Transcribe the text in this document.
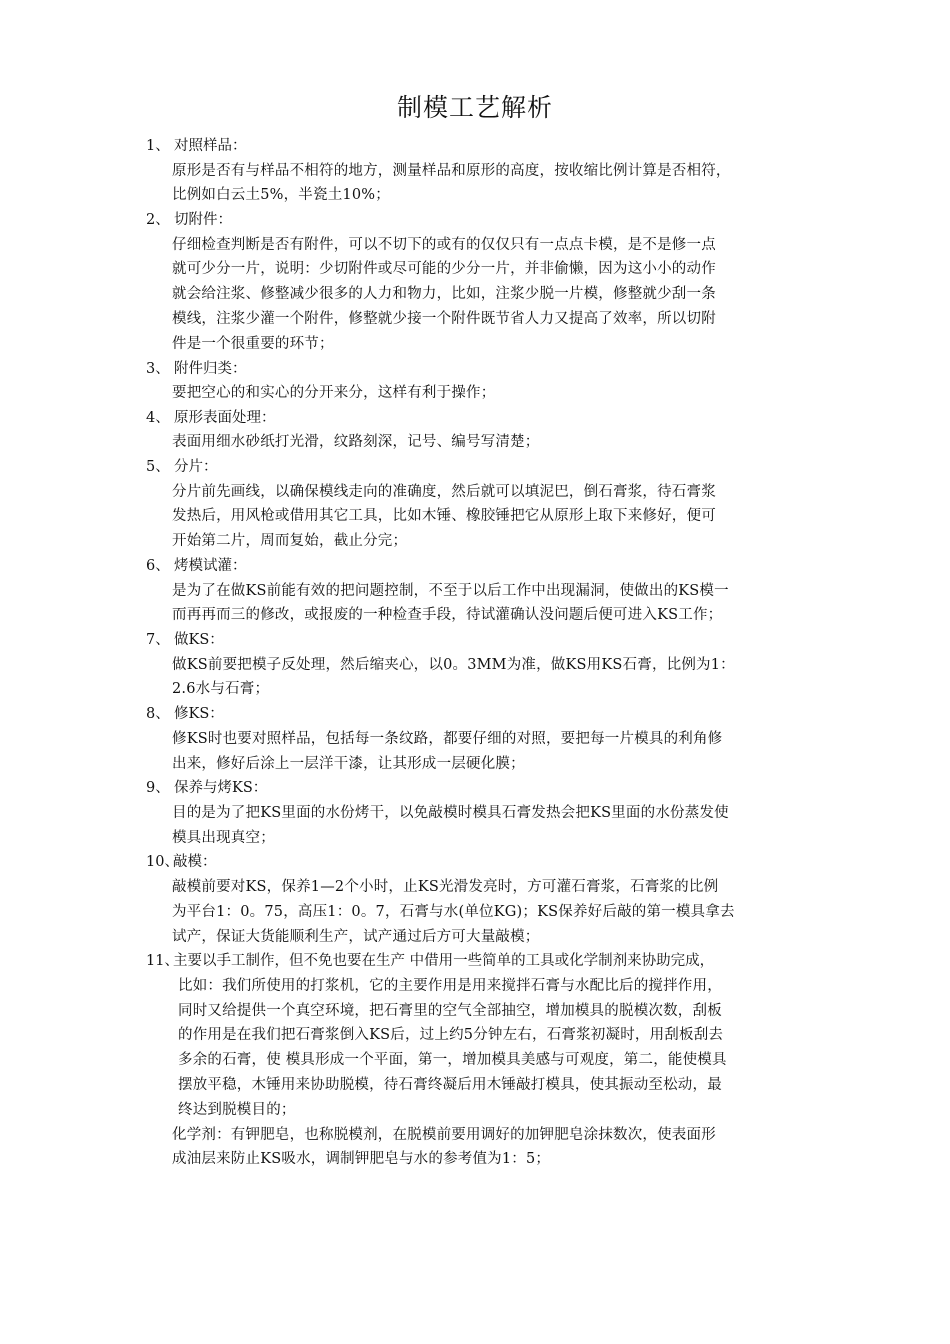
制模工艺解析
1、 对照样品：
原形是否有与样品不相符的地方，测量样品和原形的高度，按收缩比例计算是否相符，
比例如白云土5%，半瓷土10%；
2、 切附件：
仔细检查判断是否有附件，可以不切下的或有的仅仅只有一点点卡模，是不是修一点
就可少分一片，说明：少切附件或尽可能的少分一片，并非偷懒，因为这小小的动作
就会给注浆、修整减少很多的人力和物力，比如，注浆少脱一片模，修整就少刮一条
模线，注浆少灌一个附件，修整就少接一个附件既节省人力又提高了效率，所以切附
件是一个很重要的环节；
3、 附件归类：
要把空心的和实心的分开来分，这样有利于操作；
4、 原形表面处理：
表面用细水砂纸打光滑，纹路刻深，记号、编号写清楚；
5、 分片：
分片前先画线，以确保模线走向的准确度，然后就可以填泥巴，倒石膏浆，待石膏浆
发热后，用风枪或借用其它工具，比如木锤、橡胶锤把它从原形上取下来修好，便可
开始第二片，周而复始，截止分完；
6、 烤模试灌：
是为了在做KS前能有效的把问题控制，不至于以后工作中出现漏洞，使做出的KS模一
而再再而三的修改，或报废的一种检查手段，待试灌确认没问题后便可进入KS工作；
7、 做KS：
做KS前要把模子反处理，然后缩夹心，以0。3MM为准，做KS用KS石膏，比例为1：
2.6水与石膏；
8、 修KS：
修KS时也要对照样品，包括每一条纹路，都要仔细的对照，要把每一片模具的利角修
出来，修好后涂上一层洋干漆，让其形成一层硬化膜；
9、 保养与烤KS：
目的是为了把KS里面的水份烤干，以免敲模时模具石膏发热会把KS里面的水份蒸发使
模具出现真空；
10、
敲模：
敲模前要对KS，保养1—2个小时，止KS光滑发亮时，方可灌石膏浆，石膏浆的比例
为平台1：0。75，高压1：0。7，石膏与水(单位KG)；KS保养好后敲的第一模具拿去
试产，保证大货能顺利生产，试产通过后方可大量敲模；
11、
主要以手工制作，但不免也要在生产 中借用一些简单的工具或化学制剂来协助完成，
比如：我们所使用的打浆机，它的主要作用是用来搅拌石膏与水配比后的搅拌作用，
同时又给提供一个真空环境，把石膏里的空气全部抽空，增加模具的脱模次数，刮板
的作用是在我们把石膏浆倒入KS后，过上约5分钟左右，石膏浆初凝时，用刮板刮去
多余的石膏，使 模具形成一个平面，第一，增加模具美感与可观度，第二，能使模具
摆放平稳，木锤用来协助脱模，待石膏终凝后用木锤敲打模具，使其振动至松动，最
终达到脱模目的；
化学剂：有钾肥皂，也称脱模剂，在脱模前要用调好的加钾肥皂涂抹数次，使表面形
成油层来防止KS吸水，调制钾肥皂与水的参考值为1：5；
